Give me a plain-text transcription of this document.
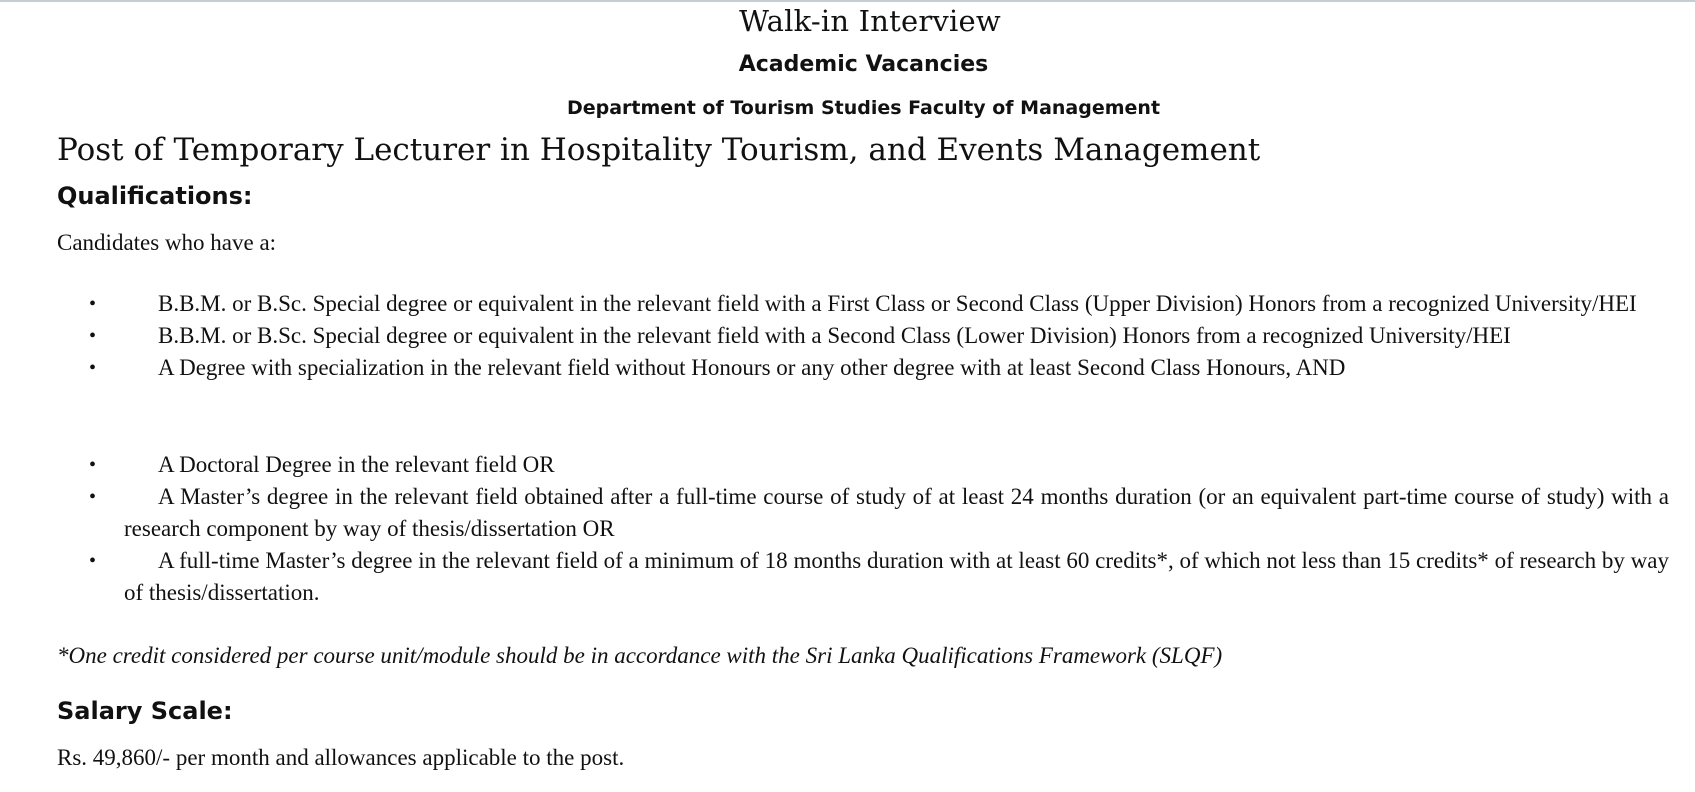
Walk-in Interview
Academic Vacancies
Department of Tourism Studies Faculty of Management
Post of Temporary Lecturer in Hospitality Tourism, and Events Management
Qualifications:
Candidates who have a:
B.B.M. or B.Sc. Special degree or equivalent in the relevant field with a First Class or Second Class (Upper Division) Honors from a recognized University/HEI
B.B.M. or B.Sc. Special degree or equivalent in the relevant field with a Second Class (Lower Division) Honors from a recognized University/HEI
A Degree with specialization in the relevant field without Honours or any other degree with at least Second Class Honours, AND
A Doctoral Degree in the relevant field OR
A Master’s degree in the relevant field obtained after a full-time course of study of at least 24 months duration (or an equivalent part-time course of study) with a research component by way of thesis/dissertation OR
A full-time Master’s degree in the relevant field of a minimum of 18 months duration with at least 60 credits*, of which not less than 15 credits* of research by way of thesis/dissertation.
*One credit considered per course unit/module should be in accordance with the Sri Lanka Qualifications Framework (SLQF)
Salary Scale:
Rs. 49,860/- per month and allowances applicable to the post.
